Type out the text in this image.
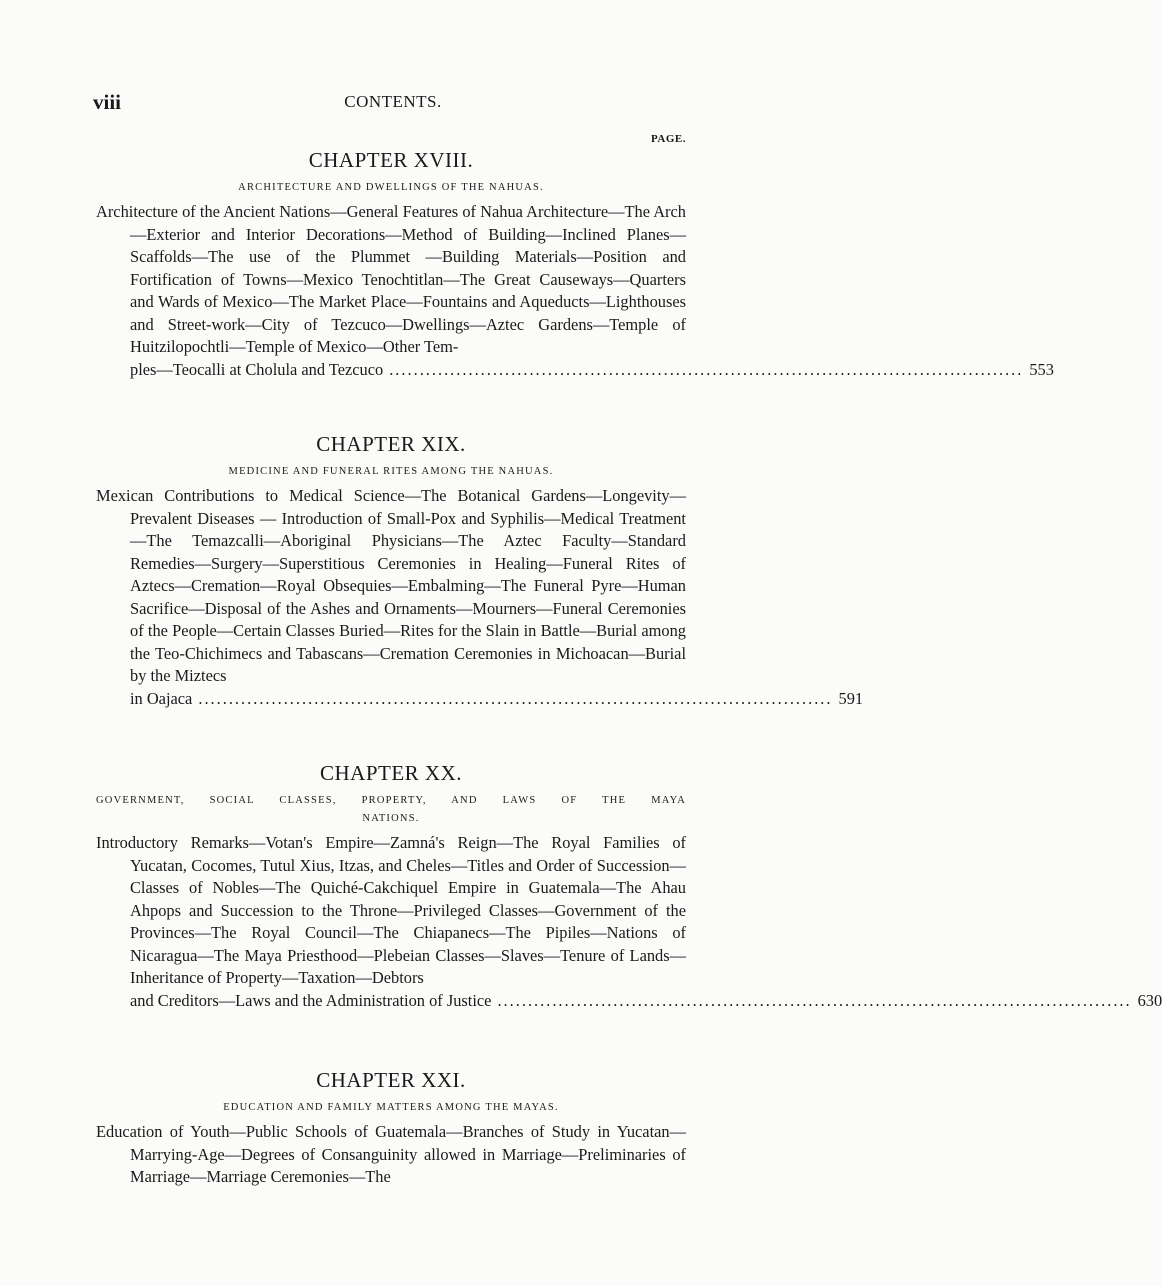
viii	CONTENTS.
PAGE.
CHAPTER XVIII.
ARCHITECTURE AND DWELLINGS OF THE NAHUAS.
Architecture of the Ancient Nations—General Features of Nahua Architecture—The Arch—Exterior and Interior Decorations—Method of Building—Inclined Planes—Scaffolds—The use of the Plummet —Building Materials—Position and Fortification of Towns—Mexico Tenochtitlan—The Great Causeways—Quarters and Wards of Mexico—The Market Place—Fountains and Aqueducts—Lighthouses and Street-work—City of Tezcuco—Dwellings—Aztec Gardens—Temple of Huitzilopochtli—Temple of Mexico—Other Tem-
ples—Teocalli at Cholula and Tezcuco ........................................................................................................ 553
CHAPTER XIX.
MEDICINE AND FUNERAL RITES AMONG THE NAHUAS.
Mexican Contributions to Medical Science—The Botanical Gardens—Longevity—Prevalent Diseases — Introduction of Small-Pox and Syphilis—Medical Treatment—The Temazcalli—Aboriginal Physicians—The Aztec Faculty—Standard Remedies—Surgery—Superstitious Ceremonies in Healing—Funeral Rites of Aztecs—Cremation—Royal Obsequies—Embalming—The Funeral Pyre—Human Sacrifice—Disposal of the Ashes and Ornaments—Mourners—Funeral Ceremonies of the People—Certain Classes Buried—Rites for the Slain in Battle—Burial among the Teo-Chichimecs and Tabascans—Cremation Ceremonies in Michoacan—Burial by the Miztecs
in Oajaca ........................................................................................................ 591
CHAPTER XX.
GOVERNMENT, SOCIAL CLASSES, PROPERTY, AND LAWS OF THE MAYA
NATIONS.
Introductory Remarks—Votan's Empire—Zamná's Reign—The Royal Families of Yucatan, Cocomes, Tutul Xius, Itzas, and Cheles—Titles and Order of Succession—Classes of Nobles—The Quiché-Cakchiquel Empire in Guatemala—The Ahau Ahpops and Succession to the Throne—Privileged Classes—Government of the Provinces—The Royal Council—The Chiapanecs—The Pipiles—Nations of Nicaragua—The Maya Priesthood—Plebeian Classes—Slaves—Tenure of Lands—Inheritance of Property—Taxation—Debtors
and Creditors—Laws and the Administration of Justice ........................................................................................................ 630
CHAPTER XXI.
EDUCATION AND FAMILY MATTERS AMONG THE MAYAS.
Education of Youth—Public Schools of Guatemala—Branches of Study in Yucatan—Marrying-Age—Degrees of Consanguinity allowed in Marriage—Preliminaries of Marriage—Marriage Ceremonies—The
